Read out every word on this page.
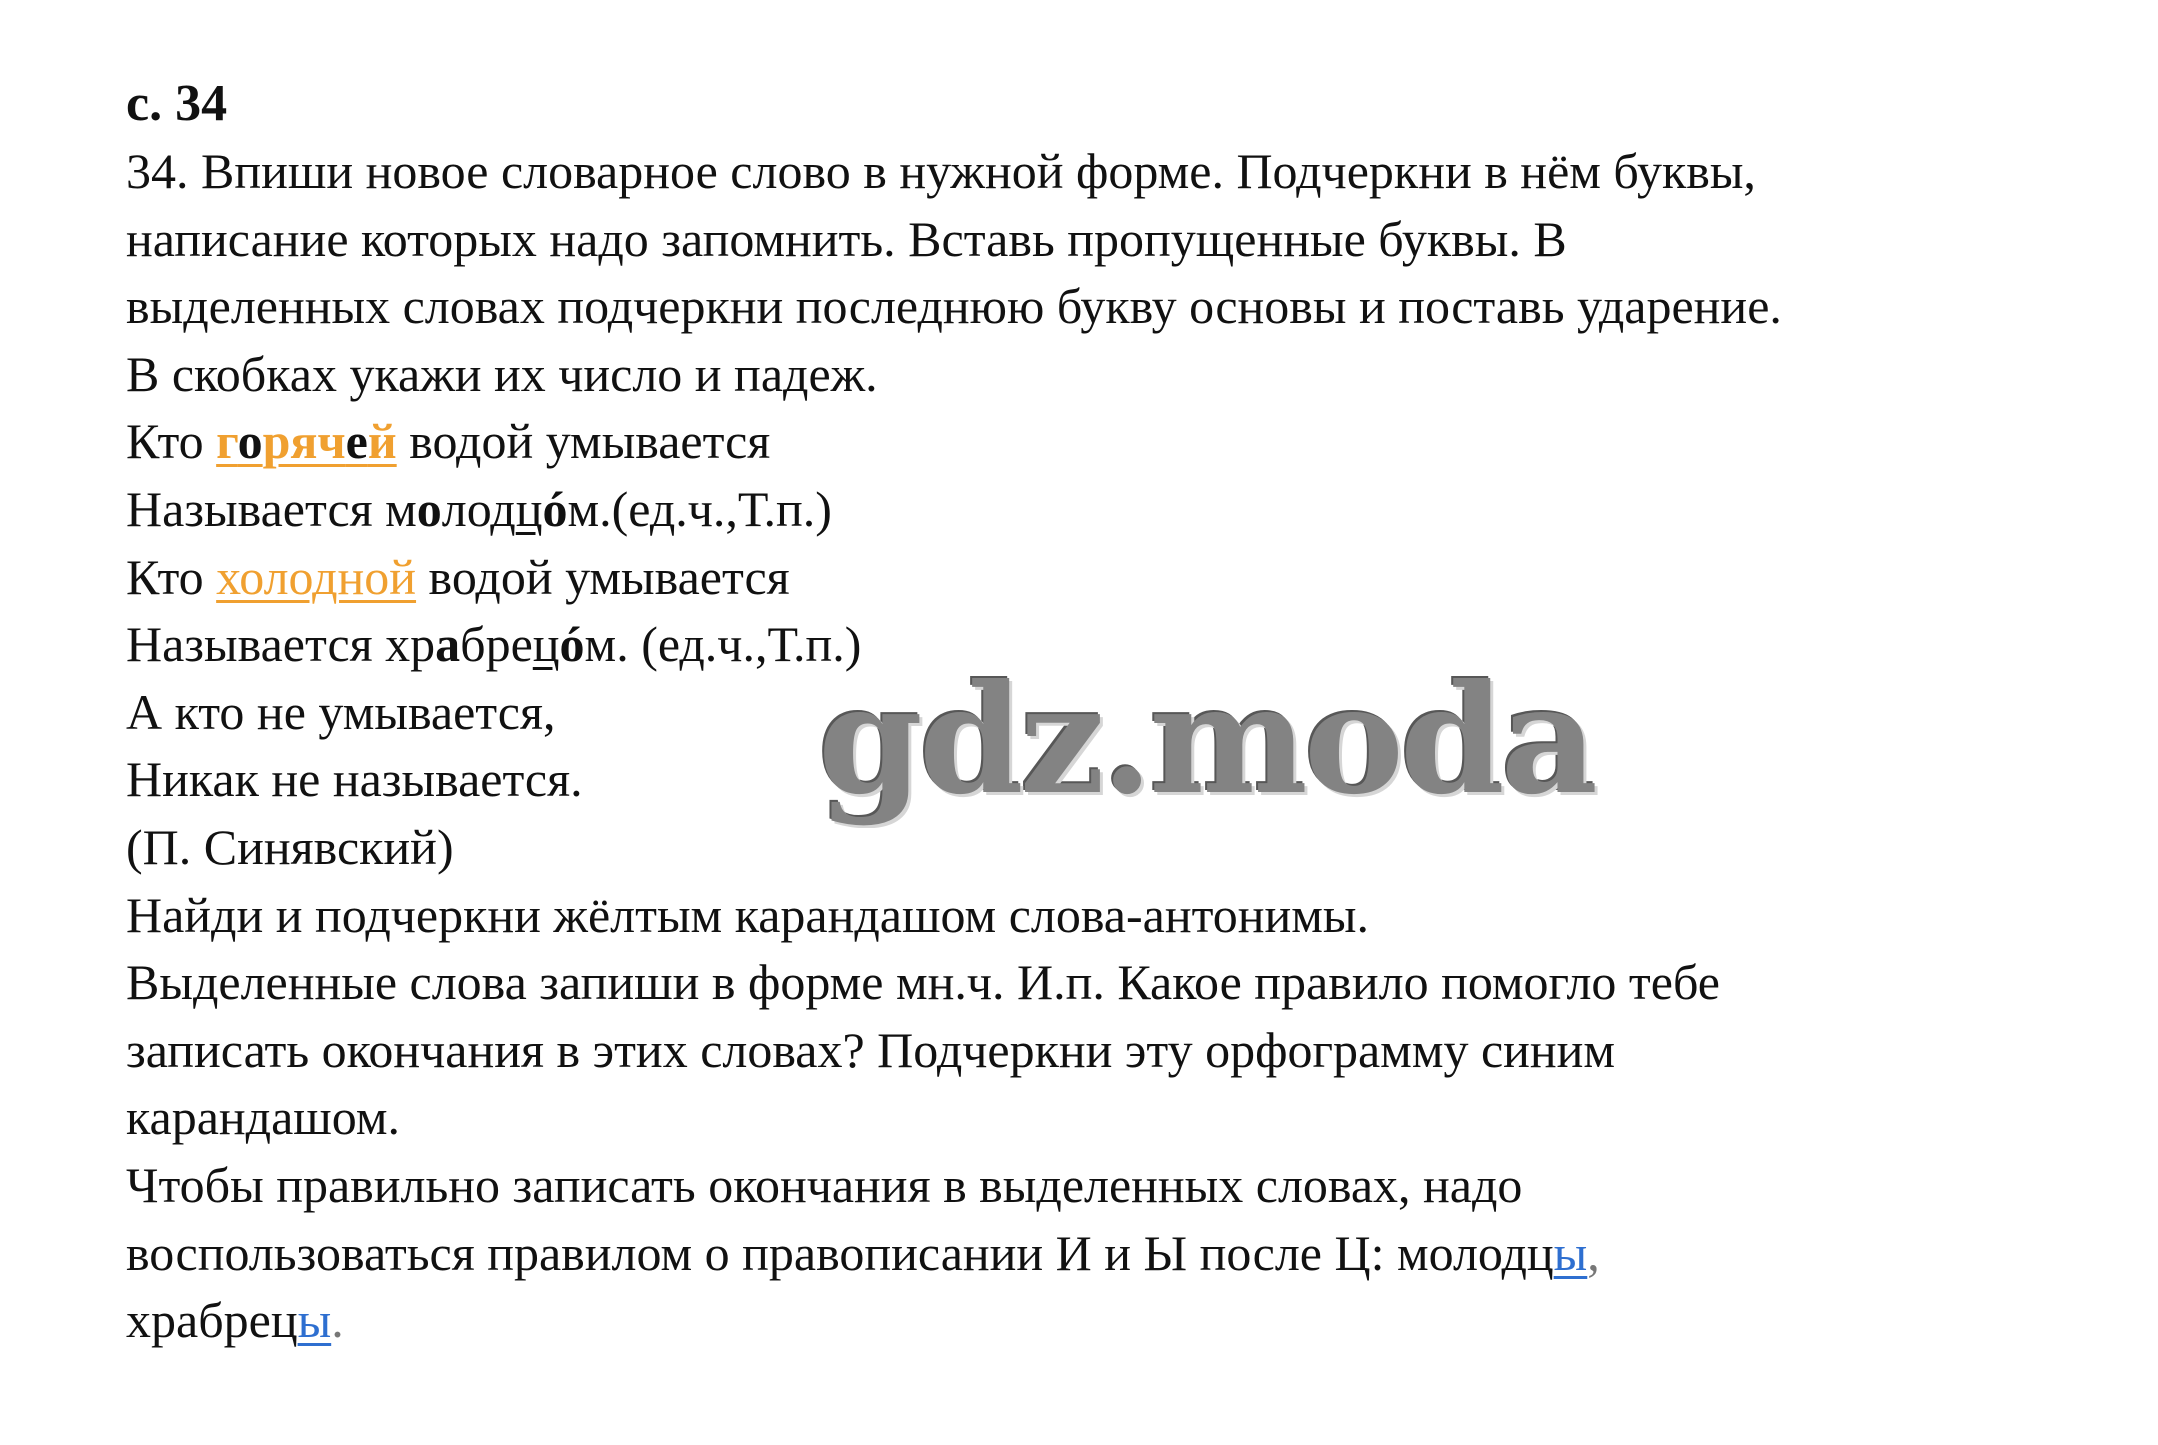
с. 34
34. Впиши новое словарное слово в нужной форме. Подчеркни в нём буквы,
написание которых надо запомнить. Вставь пропущенные буквы. В
выделенных словах подчеркни последнюю букву основы и поставь ударение.
В скобках укажи их число и падеж.
Кто горячей водой умывается
Называется молодцóм.(ед.ч.,Т.п.)
Кто холодной водой умывается
Называется храбрецóм. (ед.ч.,Т.п.)
А кто не умывается,
Никак не называется.
(П. Синявский)
Найди и подчеркни жёлтым карандашом слова-антонимы.
Выделенные слова запиши в форме мн.ч. И.п. Какое правило помогло тебе
записать окончания в этих словах? Подчеркни эту орфограмму синим
карандашом.
Чтобы правильно записать окончания в выделенных словах, надо
воспользоваться правилом о правописании И и Ы после Ц: молодцы,
храбрецы.
gdz.moda
